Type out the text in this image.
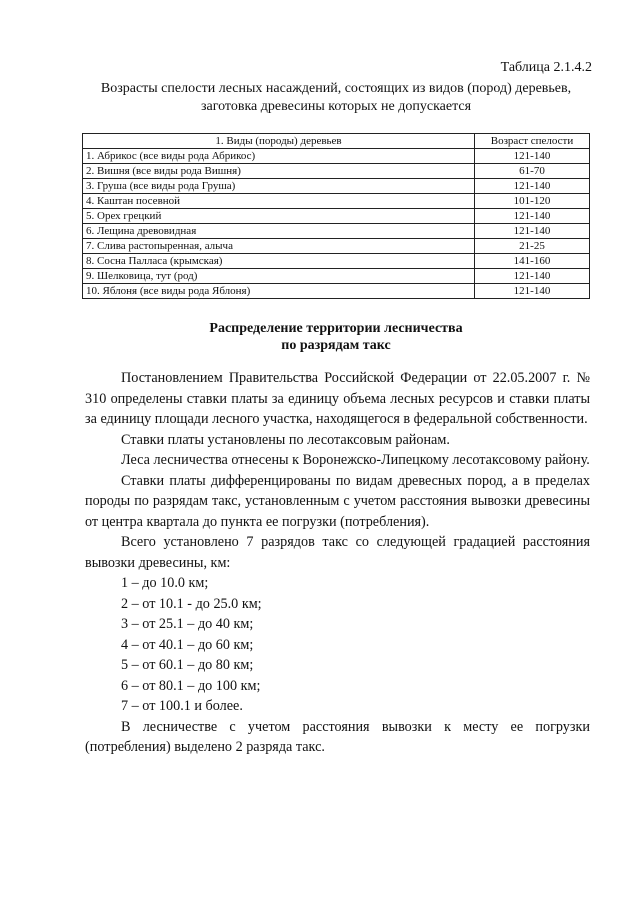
Таблица 2.1.4.2
Возрасты спелости лесных насаждений, состоящих из видов (пород) деревьев, заготовка древесины которых не допускается
1. Виды (породы) деревьев	Возраст спелости
1. Абрикос (все виды рода Абрикос)	121-140
2. Вишня (все виды рода Вишня)	61-70
3. Груша (все виды рода Груша)	121-140
4. Каштан посевной	101-120
5. Орех грецкий	121-140
6. Лещина древовидная	121-140
7. Слива растопыренная, алыча	21-25
8. Сосна Палласа (крымская)	141-160
9. Шелковица, тут (род)	121-140
10. Яблоня (все виды рода Яблоня)	121-140
Распределение территории лесничества
по разрядам такс

Постановлением Правительства Российской Федерации от 22.05.2007 г. № 310 определены ставки платы за единицу объема лесных ресурсов и ставки платы за единицу площади лесного участка, находящегося в федеральной собственности.

Ставки платы установлены по лесотаксовым районам.

Леса лесничества отнесены к Воронежско-Липецкому лесотаксовому району.

Ставки платы дифференцированы по видам древесных пород, а в пределах породы по разрядам такс, установленным с учетом расстояния вывозки древесины от центра квартала до пункта ее погрузки (потребления).

Всего установлено 7 разрядов такс со следующей градацией расстояния вывозки древесины, км:

1 – до 10.0 км;
2 – от 10.1 - до 25.0 км;
3 – от 25.1 – до 40 км;
4 – от 40.1 – до 60 км;
5 – от 60.1 – до 80 км;
6 – от 80.1 – до 100 км;
7 – от 100.1 и более.

В лесничестве с учетом расстояния вывозки к месту ее погрузки (потребления) выделено 2 разряда такс.
